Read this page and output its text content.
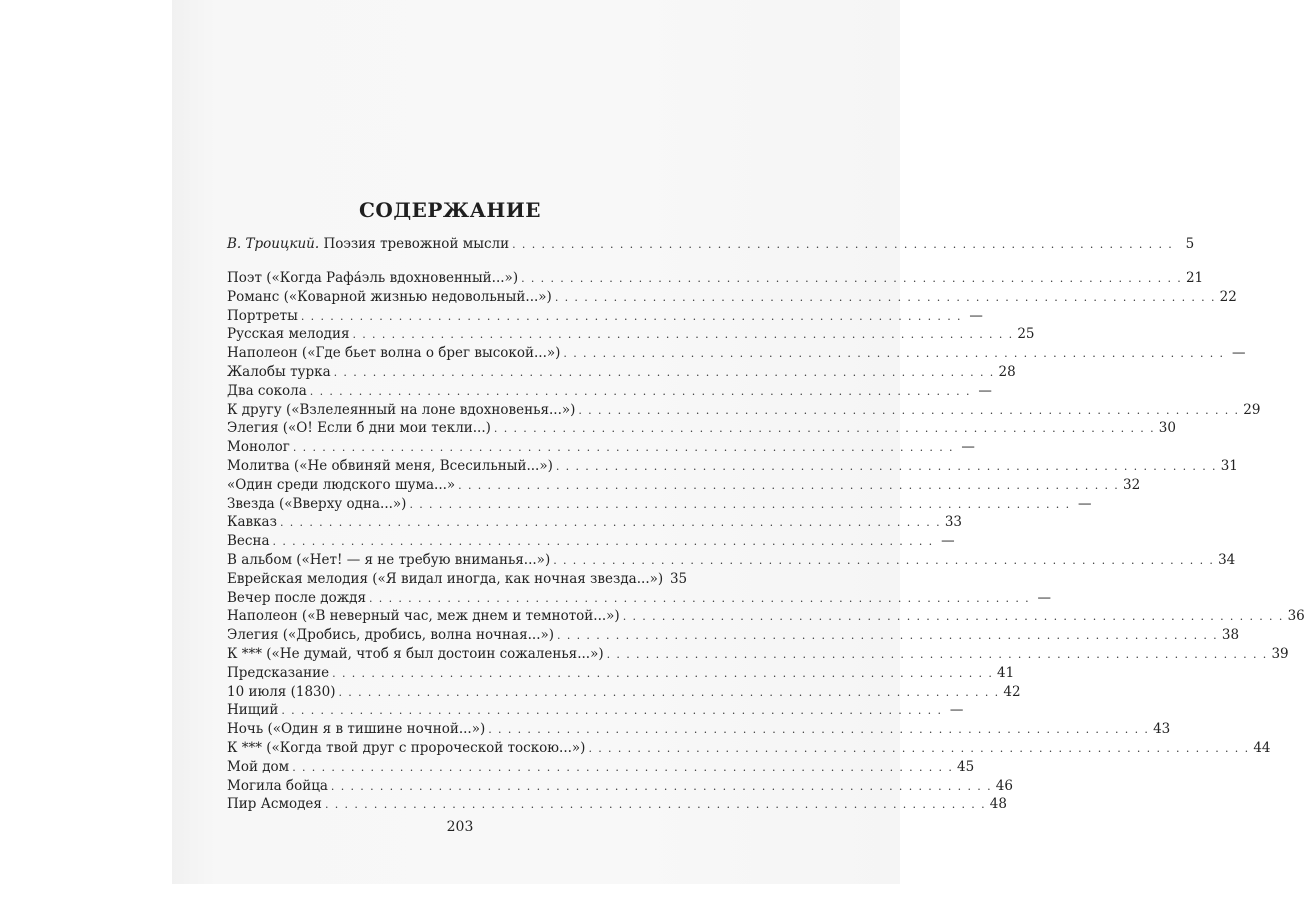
СОДЕРЖАНИЕ
В. Троицкий. Поэзия тревожной мысли . . . . . . . . . . . . . . . . . . . . . . . . . . . . . . . . . . . . . . . . . . . . . . . . . . . . . . . . . . . . . . . . . . . . 5
Поэт («Когда Рафа́эль вдохновенный...») . . . . . . . . . . . . . . . . . . . . . . . . . . . . . . . . . . . . . . . . . . . . . . . . . . . . . . . . . . . . . . . . . . . . 21
Романс («Коварной жизнью недовольный...») . . . . . . . . . . . . . . . . . . . . . . . . . . . . . . . . . . . . . . . . . . . . . . . . . . . . . . . . . . . . . . . . . . . . 22
Портреты . . . . . . . . . . . . . . . . . . . . . . . . . . . . . . . . . . . . . . . . . . . . . . . . . . . . . . . . . . . . . . . . . . . . —
Русская мелодия . . . . . . . . . . . . . . . . . . . . . . . . . . . . . . . . . . . . . . . . . . . . . . . . . . . . . . . . . . . . . . . . . . . . 25
Наполеон («Где бьет волна о брег высокой...») . . . . . . . . . . . . . . . . . . . . . . . . . . . . . . . . . . . . . . . . . . . . . . . . . . . . . . . . . . . . . . . . . . . . —
Жалобы турка . . . . . . . . . . . . . . . . . . . . . . . . . . . . . . . . . . . . . . . . . . . . . . . . . . . . . . . . . . . . . . . . . . . . 28
Два сокола . . . . . . . . . . . . . . . . . . . . . . . . . . . . . . . . . . . . . . . . . . . . . . . . . . . . . . . . . . . . . . . . . . . . —
К другу («Взлелеянный на лоне вдохновенья...») . . . . . . . . . . . . . . . . . . . . . . . . . . . . . . . . . . . . . . . . . . . . . . . . . . . . . . . . . . . . . . . . . . . . 29
Элегия («О! Если б дни мои текли...) . . . . . . . . . . . . . . . . . . . . . . . . . . . . . . . . . . . . . . . . . . . . . . . . . . . . . . . . . . . . . . . . . . . . 30
Монолог . . . . . . . . . . . . . . . . . . . . . . . . . . . . . . . . . . . . . . . . . . . . . . . . . . . . . . . . . . . . . . . . . . . . —
Молитва («Не обвиняй меня, Всесильный...») . . . . . . . . . . . . . . . . . . . . . . . . . . . . . . . . . . . . . . . . . . . . . . . . . . . . . . . . . . . . . . . . . . . . 31
«Один среди людского шума...» . . . . . . . . . . . . . . . . . . . . . . . . . . . . . . . . . . . . . . . . . . . . . . . . . . . . . . . . . . . . . . . . . . . . 32
Звезда («Вверху одна...») . . . . . . . . . . . . . . . . . . . . . . . . . . . . . . . . . . . . . . . . . . . . . . . . . . . . . . . . . . . . . . . . . . . . —
Кавказ . . . . . . . . . . . . . . . . . . . . . . . . . . . . . . . . . . . . . . . . . . . . . . . . . . . . . . . . . . . . . . . . . . . . 33
Весна . . . . . . . . . . . . . . . . . . . . . . . . . . . . . . . . . . . . . . . . . . . . . . . . . . . . . . . . . . . . . . . . . . . . —
В альбом («Нет! — я не требую вниманья...») . . . . . . . . . . . . . . . . . . . . . . . . . . . . . . . . . . . . . . . . . . . . . . . . . . . . . . . . . . . . . . . . . . . . 34
Еврейская мелодия («Я видал иногда, как ночная звезда...») 35
Вечер после дождя . . . . . . . . . . . . . . . . . . . . . . . . . . . . . . . . . . . . . . . . . . . . . . . . . . . . . . . . . . . . . . . . . . . . —
Наполеон («В неверный час, меж днем и темнотой...») . . . . . . . . . . . . . . . . . . . . . . . . . . . . . . . . . . . . . . . . . . . . . . . . . . . . . . . . . . . . . . . . . . . . 36
Элегия («Дробись, дробись, волна ночная...») . . . . . . . . . . . . . . . . . . . . . . . . . . . . . . . . . . . . . . . . . . . . . . . . . . . . . . . . . . . . . . . . . . . . 38
К *** («Не думай, чтоб я был достоин сожаленья...») . . . . . . . . . . . . . . . . . . . . . . . . . . . . . . . . . . . . . . . . . . . . . . . . . . . . . . . . . . . . . . . . . . . . 39
Предсказание . . . . . . . . . . . . . . . . . . . . . . . . . . . . . . . . . . . . . . . . . . . . . . . . . . . . . . . . . . . . . . . . . . . . 41
10 июля (1830) . . . . . . . . . . . . . . . . . . . . . . . . . . . . . . . . . . . . . . . . . . . . . . . . . . . . . . . . . . . . . . . . . . . . 42
Нищий . . . . . . . . . . . . . . . . . . . . . . . . . . . . . . . . . . . . . . . . . . . . . . . . . . . . . . . . . . . . . . . . . . . . —
Ночь («Один я в тишине ночной...») . . . . . . . . . . . . . . . . . . . . . . . . . . . . . . . . . . . . . . . . . . . . . . . . . . . . . . . . . . . . . . . . . . . . 43
К *** («Когда твой друг с пророческой тоскою...») . . . . . . . . . . . . . . . . . . . . . . . . . . . . . . . . . . . . . . . . . . . . . . . . . . . . . . . . . . . . . . . . . . . . 44
Мой дом . . . . . . . . . . . . . . . . . . . . . . . . . . . . . . . . . . . . . . . . . . . . . . . . . . . . . . . . . . . . . . . . . . . . 45
Могила бойца . . . . . . . . . . . . . . . . . . . . . . . . . . . . . . . . . . . . . . . . . . . . . . . . . . . . . . . . . . . . . . . . . . . . 46
Пир Асмодея . . . . . . . . . . . . . . . . . . . . . . . . . . . . . . . . . . . . . . . . . . . . . . . . . . . . . . . . . . . . . . . . . . . . 48

203
